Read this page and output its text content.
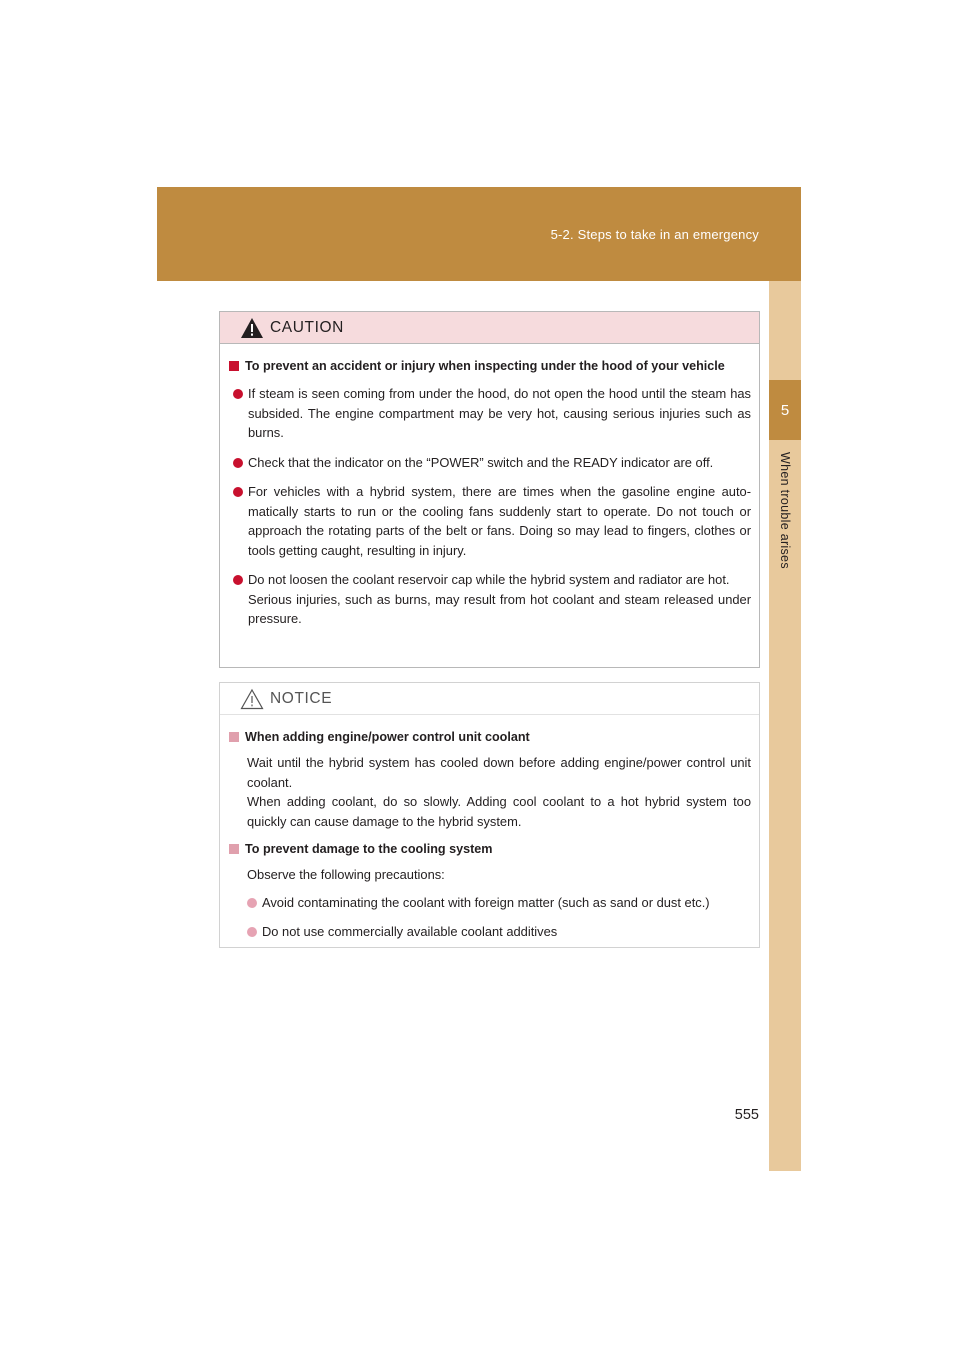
5-2. Steps to take in an emergency
5
When trouble arises
CAUTION
To prevent an accident or injury when inspecting under the hood of your vehicle
If steam is seen coming from under the hood, do not open the hood until the steam has subsided. The engine compartment may be very hot, causing serious injuries such as burns.
Check that the indicator on the “POWER” switch and the READY indicator are off.
For vehicles with a hybrid system, there are times when the gasoline engine auto-matically starts to run or the cooling fans suddenly start to operate. Do not touch or approach the rotating parts of the belt or fans. Doing so may lead to fingers, clothes or tools getting caught, resulting in injury.
Do not loosen the coolant reservoir cap while the hybrid system and radiator are hot.
Serious injuries, such as burns, may result from hot coolant and steam released under pressure.
NOTICE
When adding engine/power control unit coolant
Wait until the hybrid system has cooled down before adding engine/power control unit coolant.
When adding coolant, do so slowly. Adding cool coolant to a hot hybrid system too quickly can cause damage to the hybrid system.
To prevent damage to the cooling system
Observe the following precautions:
Avoid contaminating the coolant with foreign matter (such as sand or dust etc.)
Do not use commercially available coolant additives
555
